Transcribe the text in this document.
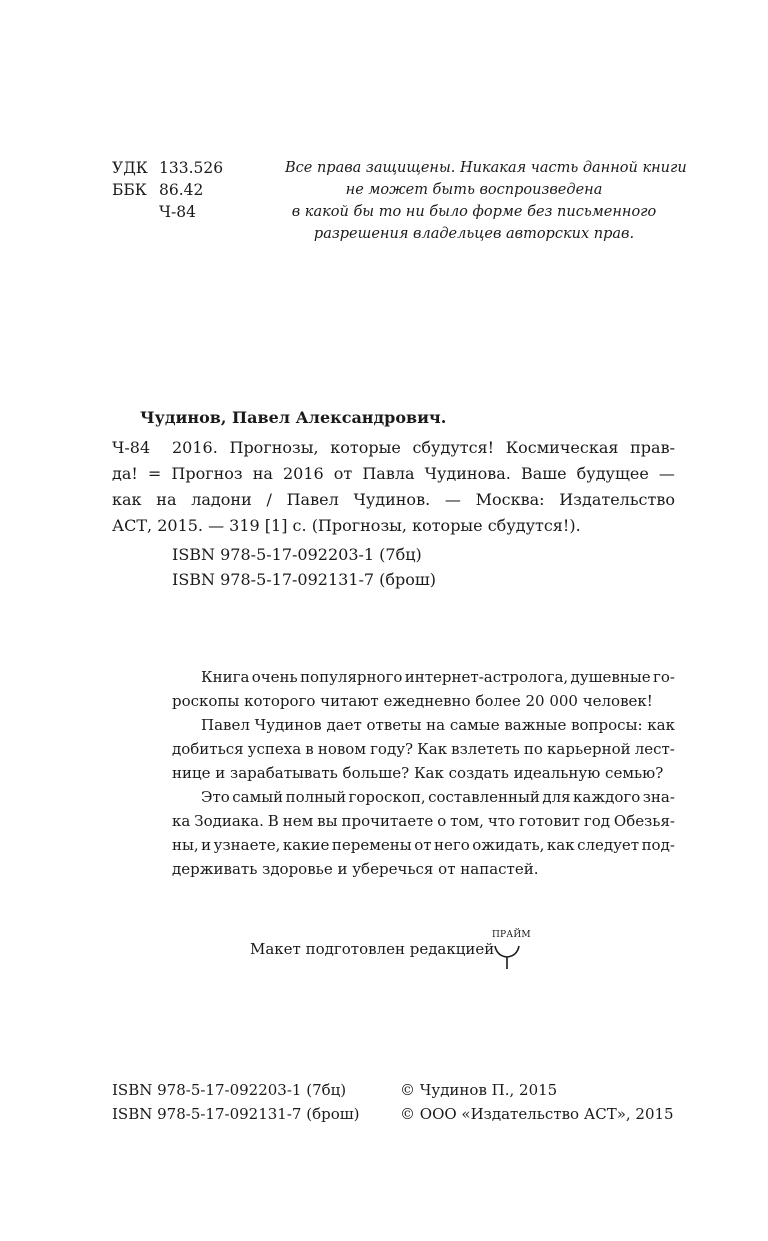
УДК 133.526
ББК 86.42
Ч-84
Все права защищены. Никакая часть данной книги
не может быть воспроизведена
в какой бы то ни было форме без письменного
разрешения владельцев авторских прав.
Чудинов, Павел Александрович.
Ч-84	2016. Прогнозы, которые сбудутся! Космическая прав-
да! = Прогноз на 2016 от Павла Чудинова. Ваше будущее —
как на ладони / Павел Чудинов. — Москва: Издательство
АСТ, 2015. — 319 [1] с. (Прогнозы, которые сбудутся!).
ISBN 978-5-17-092203-1 (7бц)
ISBN 978-5-17-092131-7 (брош)
Книга очень популярного интернет-астролога, душевные го-
роскопы которого читают ежедневно более 20 000 человек!
Павел Чудинов дает ответы на самые важные вопросы: как
добиться успеха в новом году? Как взлететь по карьерной лест-
нице и зарабатывать больше? Как создать идеальную семью?
Это самый полный гороскоп, составленный для каждого зна-
ка Зодиака. В нем вы прочитаете о том, что готовит год Обезья-
ны, и узнаете, какие перемены от него ожидать, как следует под-
держивать здоровье и уберечься от напастей.
Макет подготовлен редакцией
ПРАЙМ
ISBN 978-5-17-092203-1 (7бц)
ISBN 978-5-17-092131-7 (брош)
© Чудинов П., 2015
© ООО «Издательство АСТ», 2015
